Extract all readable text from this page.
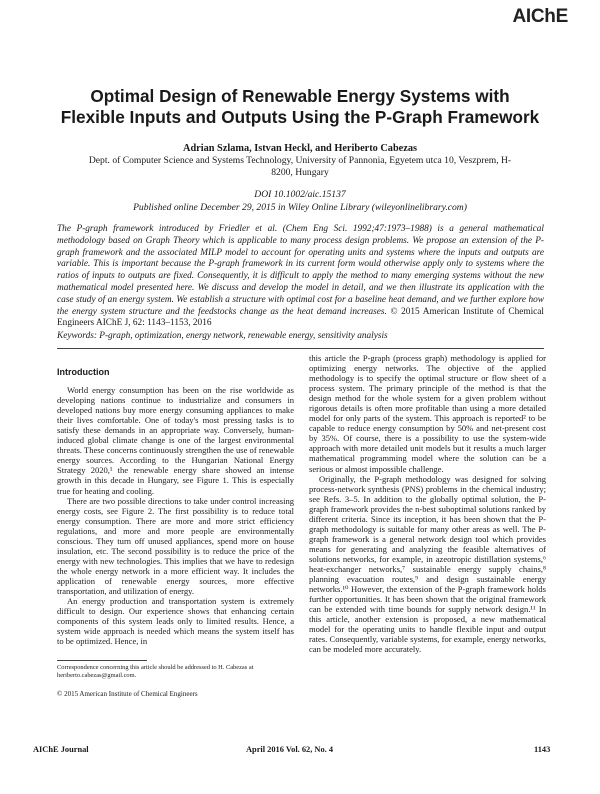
AIChE
Optimal Design of Renewable Energy Systems with Flexible Inputs and Outputs Using the P-Graph Framework
Adrian Szlama, Istvan Heckl, and Heriberto Cabezas
Dept. of Computer Science and Systems Technology, University of Pannonia, Egyetem utca 10, Veszprem, H-8200, Hungary
DOI 10.1002/aic.15137
Published online December 29, 2015 in Wiley Online Library (wileyonlinelibrary.com)
The P-graph framework introduced by Friedler et al. (Chem Eng Sci. 1992;47:1973–1988) is a general mathematical methodology based on Graph Theory which is applicable to many process design problems. We propose an extension of the P-graph framework and the associated MILP model to account for operating units and systems where the inputs and outputs are variable. This is important because the P-graph framework in its current form would otherwise apply only to systems where the ratios of inputs to outputs are fixed. Consequently, it is difficult to apply the method to many emerging systems without the new mathematical model presented here. We discuss and develop the model in detail, and we then illustrate its application with the case study of an energy system. We establish a structure with optimal cost for a baseline heat demand, and we further explore how the energy system structure and the feedstocks change as the heat demand increases. © 2015 American Institute of Chemical Engineers AIChE J, 62: 1143–1153, 2016
Keywords: P-graph, optimization, energy network, renewable energy, sensitivity analysis
Introduction

World energy consumption has been on the rise worldwide as developing nations continue to industrialize and consumers in developed nations buy more energy consuming appliances to make their lives comfortable. One of today's most pressing tasks is to satisfy these demands in an appropriate way. Conversely, human-induced global climate change is one of the largest environmental threats. These concerns continuously strengthen the use of renewable energy sources. According to the Hungarian National Energy Strategy 2020,¹ the renewable energy share showed an intense growth in this decade in Hungary, see Figure 1. This is especially true for heating and cooling.

There are two possible directions to take under control increasing energy costs, see Figure 2. The first possibility is to reduce total energy consumption. There are more and more strict efficiency regulations, and more and more people are environmentally conscious. They turn off unused appliances, spend more on house insulation, etc. The second possibility is to reduce the price of the energy with new technologies. This implies that we have to redesign the whole energy network in a more efficient way. It includes the application of renewable energy sources, more effective transportation, and utilization of energy.

An energy production and transportation system is extremely difficult to design. Our experience shows that enhancing certain components of this system leads only to limited results. Hence, a system wide approach is needed which means the system itself has to be optimized. Hence, in

this article the P-graph (process graph) methodology is applied for optimizing energy networks. The objective of the applied methodology is to specify the optimal structure or flow sheet of a process system. The primary principle of the method is that the design method for the whole system for a given problem without rigorous details is often more profitable than using a more detailed model for only parts of the system. This approach is reported² to be capable to reduce energy consumption by 50% and net-present cost by 35%. Of course, there is a possibility to use the system-wide approach with more detailed unit models but it results a much larger mathematical programming model where the solution can be a serious or almost impossible challenge.

Originally, the P-graph methodology was designed for solving process-network synthesis (PNS) problems in the chemical industry; see Refs. 3–5. In addition to the globally optimal solution, the P-graph framework provides the n-best suboptimal solutions ranked by different criteria. Since its inception, it has been shown that the P-graph methodology is suitable for many other areas as well. The P-graph framework is a general network design tool which provides means for generating and analyzing the feasible alternatives of solutions networks, for example, in azeotropic distillation systems,⁶ heat-exchanger networks,⁷ sustainable energy supply chains,⁸ planning evacuation routes,⁹ and design sustainable energy networks.¹⁰ However, the extension of the P-graph framework holds further opportunities. It has been shown that the original framework can be extended with time bounds for supply network design.¹¹ In this article, another extension is proposed, a new mathematical model for the operating units to handle flexible input and output rates. Consequently, variable systems, for example, energy networks, can be modeled more accurately.

Correspondence concerning this article should be addressed to H. Cabezas at heriberto.cabezas@gmail.com.
© 2015 American Institute of Chemical Engineers
AIChE Journal	April 2016 Vol. 62, No. 4	1143
